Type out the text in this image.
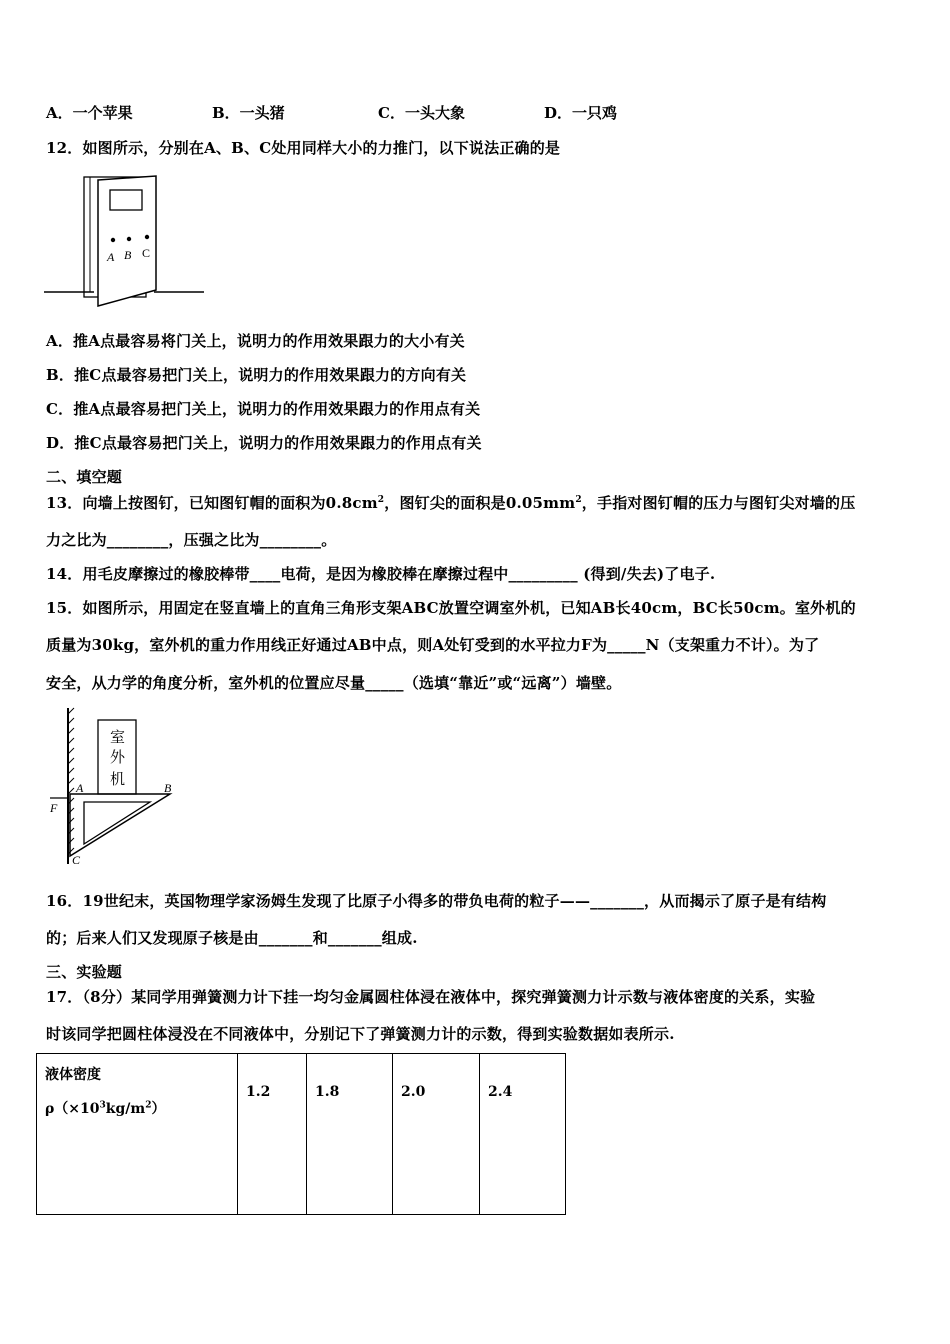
A．一个苹果	B．一头猪	C．一头大象	D．一只鸡
12．如图所示，分别在A、B、C处用同样大小的力推门，以下说法正确的是
A B C
A．推A点最容易将门关上，说明力的作用效果跟力的大小有关
B．推C点最容易把门关上，说明力的作用效果跟力的方向有关
C．推A点最容易把门关上，说明力的作用效果跟力的作用点有关
D．推C点最容易把门关上，说明力的作用效果跟力的作用点有关
二、填空题
13．向墙上按图钉，已知图钉帽的面积为$0.8cm^2$，图钉尖的面积是$0.05mm^2$，手指对图钉帽的压力与图钉尖对墙的压
力之比为________，压强之比为________。
14．用毛皮摩擦过的橡胶棒带____电荷，是因为橡胶棒在摩擦过程中_________ (得到/失去)了电子.
15．如图所示，用固定在竖直墙上的直角三角形支架ABC放置空调室外机，已知AB长40cm，BC长50cm。室外机的
质量为30kg，室外机的重力作用线正好通过AB中点，则A处钉受到的水平拉力F为_____N（支架重力不计）。为了
安全，从力学的角度分析，室外机的位置应尽量_____（选填“靠近”或“远离”）墙壁。
室
外
机
A	B
F
C
16．19世纪末，英国物理学家汤姆生发现了比原子小得多的带负电荷的粒子——_______，从而揭示了原子是有结构
的；后来人们又发现原子核是由_______和_______组成.
三、实验题
17．（8分）某同学用弹簧测力计下挂一均匀金属圆柱体浸在液体中，探究弹簧测力计示数与液体密度的关系，实验
时该同学把圆柱体浸没在不同液体中，分别记下了弹簧测力计的示数，得到实验数据如表所示.
液体密度
$\rho(\times 10^3kg/m^2)$
	1.2	1.8	2.0	2.4
